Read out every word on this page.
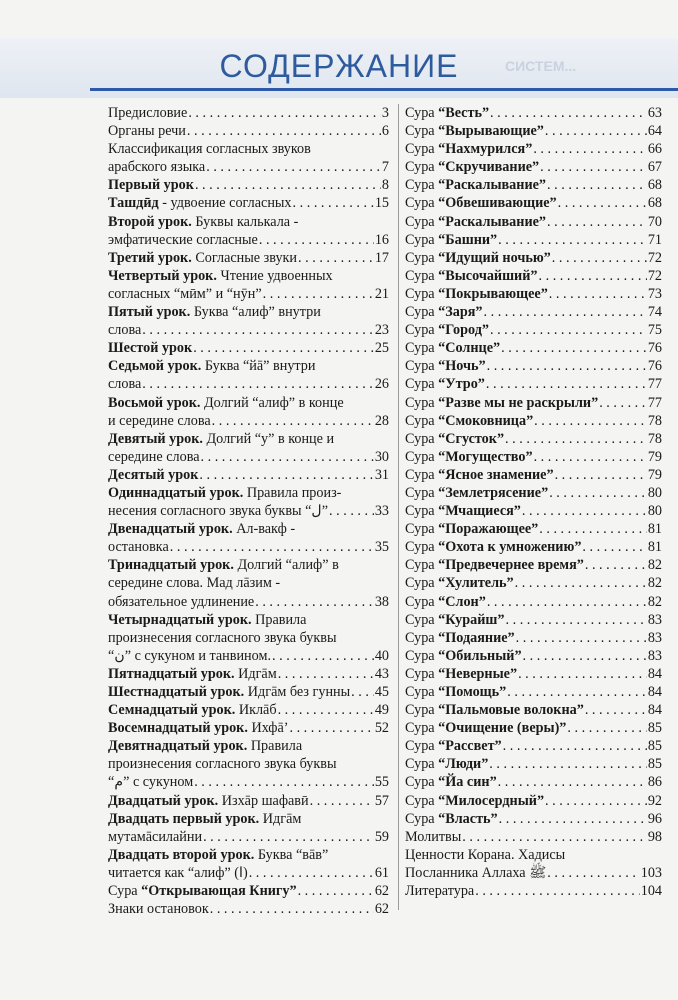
СИСТЕМ...
СОДЕРЖАНИЕ
Предисловие . . .	3
Органы речи . . .	6
Классификация согласных звуков
арабского языка . . .	7
Первый урок . . .	8
Ташдӣд - удвоение согласных . . .	15
Второй урок. Буквы калькала -
эмфатические согласные . . .	16
Третий урок. Согласные звуки . . .	17
Четвертый урок. Чтение удвоенных
согласных “мӣм” и “нӯн” . . .	21
Пятый урок. Буква “алиф” внутри
слова . . .	23
Шестой урок . . .	25
Седьмой урок. Буква “йā” внутри
слова . . .	26
Восьмой урок. Долгий “алиф” в конце
и середине слова . . .	28
Девятый урок. Долгий “у” в конце и
середине слова . . .	30
Десятый урок . . .	31
Одиннадцатый урок. Правила произ-
несения согласного звука буквы “ل” . . .	33
Двенадцатый урок. Ал-вакф -
остановка . . .	35
Тринадцатый урок. Долгий “алиф” в
середине слова. Мад лāзим -
обязательное удлинение . . .	38
Четырнадцатый урок. Правила
произнесения согласного звука буквы
“ن” с сукуном и танвином. . . .	40
Пятнадцатый урок. Идгāм . . .	43
Шестнадцатый урок. Идгāм без гунны . . . 45
Семнадцатый урок. Иклāб . . .	49
Восемнадцатый урок. Ихфā’ . . .	52
Девятнадцатый урок. Правила
произнесения согласного звука буквы
“م” с сукуном . . .	55
Двадцатый урок. Изхāр шафавӣ . . .	57
Двадцать первый урок. Идгāм
мутамāсилайни . . .	59
Двадцать второй урок. Буква “вāв”
читается как “алиф” (ا) . . .	61
Сура “Открывающая Книгу” . . .	62
Знаки остановок . . .	62
Сура “Весть” . . .	63
Сура “Вырывающие” . . .	64
Сура “Нахмурился” . . .	66
Сура “Скручивание” . . .	67
Сура “Раскалывание” . . .	68
Сура “Обвешивающие” . . .	68
Сура “Раскалывание” . . .	70
Сура “Башни” . . .	71
Сура “Идущий ночью” . . .	72
Сура “Высочайший” . . .	72
Сура “Покрывающее” . . .	73
Сура “Заря” . . .	74
Сура “Город” . . .	75
Сура “Солнце” . . .	76
Сура “Ночь” . . .	76
Сура “Утро” . . .	77
Сура “Разве мы не раскрыли” . . .	77
Сура “Смоковница” . . .	78
Сура “Сгусток” . . .	78
Сура “Могущество” . . .	79
Сура “Ясное знамение” . . .	79
Сура “Землетрясение” . . .	80
Сура “Мчащиеся” . . .	80
Сура “Поражающее” . . .	81
Сура “Охота к умножению” . . .	81
Сура “Предвечернее время” . . .	82
Сура “Хулитель” . . .	82
Сура “Слон” . . .	82
Сура “Курайш” . . .	83
Сура “Подаяние” . . .	83
Сура “Обильный” . . .	83
Сура “Неверные” . . .	84
Сура “Помощь” . . .	84
Сура “Пальмовые волокна” . . .	84
Сура “Очищение (веры)” . . .	85
Сура “Рассвет” . . .	85
Сура “Люди” . . .	85
Сура “Йа син” . . .	86
Сура “Милосердный” . . .	92
Сура “Власть” . . .	96
Молитвы . . .	98
Ценности Корана. Хадисы
Посланника Аллаха ﷺ . . .	103
Литература . . .	104
